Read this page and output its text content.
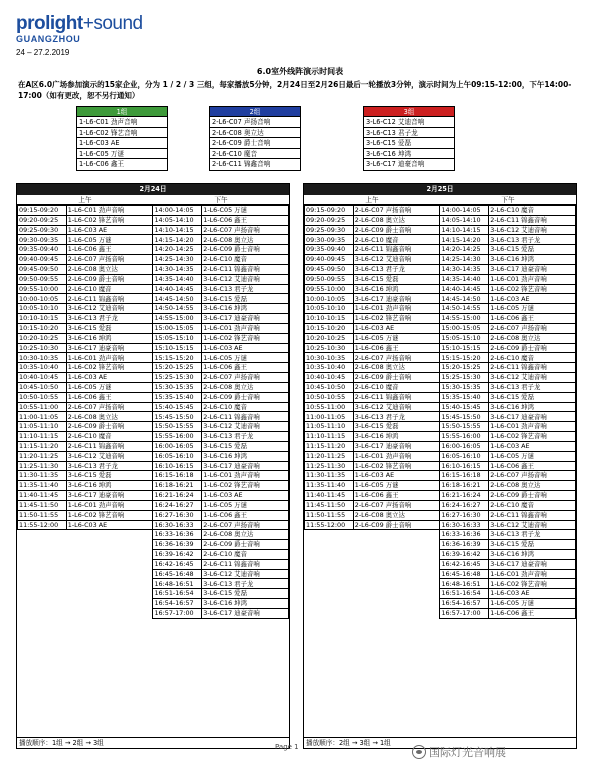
prolight+sound
GUANGZHOU
24 – 27.2.2019
6.0室外线阵演示时间表
在A区6.0广场参加演示的15家企业，分为 1 / 2 / 3 三组，每家播放5分钟，2月24日至2月26日最后一轮播放3分钟，演示时间为上午09:15-12:00，下午14:00-17:00（如有更改，恕不另行通知）
1组
1-L6-C01 劲声音响
1-L6-C02 锋艺音响
1-L6-C03 AE
1-L6-C05 万谜
1-L6-C06 鑫王
2组
2-L6-C07 声扬音响
2-L6-C08 奥立达
2-L6-C09 爵士音响
2-L6-C10 魔音
2-L6-C11 锦鑫音响
3组
3-L6-C12 艾迪音响
3-L6-C13 君子龙
3-L6-C15 爱磊
3-L6-C16 坤鸿
3-L6-C17 迪豪音响
2月24日
上午	下午
09:15-09:20	1-L6-C01 劲声音响	14:00-14:05	1-L6-C05 万谜
09:20-09:25	1-L6-C02 锋艺音响	14:05-14:10	1-L6-C06 鑫王
09:25-09:30	1-L6-C03 AE	14:10-14:15	2-L6-C07 声扬音响
09:30-09:35	1-L6-C05 万谜	14:15-14:20	2-L6-C08 奥立达
09:35-09:40	1-L6-C06 鑫王	14:20-14:25	2-L6-C09 爵士音响
09:40-09:45	2-L6-C07 声扬音响	14:25-14:30	2-L6-C10 魔音
09:45-09:50	2-L6-C08 奥立达	14:30-14:35	2-L6-C11 锦鑫音响
09:50-09:55	2-L6-C09 爵士音响	14:35-14:40	3-L6-C12 艾迪音响
09:55-10:00	2-L6-C10 魔音	14:40-14:45	3-L6-C13 君子龙
10:00-10:05	2-L6-C11 锦鑫音响	14:45-14:50	3-L6-C15 爱磊
10:05-10:10	3-L6-C12 艾迪音响	14:50-14:55	3-L6-C16 坤鸿
10:10-10:15	3-L6-C13 君子龙	14:55-15:00	3-L6-C17 迪豪音响
10:15-10:20	3-L6-C15 爱磊	15:00-15:05	1-L6-C01 劲声音响
10:20-10:25	3-L6-C16 坤鸿	15:05-15:10	1-L6-C02 锋艺音响
10:25-10:30	3-L6-C17 迪豪音响	15:10-15:15	1-L6-C03 AE
10:30-10:35	1-L6-C01 劲声音响	15:15-15:20	1-L6-C05 万谜
10:35-10:40	1-L6-C02 锋艺音响	15:20-15:25	1-L6-C06 鑫王
10:40-10:45	1-L6-C03 AE	15:25-15:30	2-L6-C07 声扬音响
10:45-10:50	1-L6-C05 万谜	15:30-15:35	2-L6-C08 奥立达
10:50-10:55	1-L6-C06 鑫王	15:35-15:40	2-L6-C09 爵士音响
10:55-11:00	2-L6-C07 声扬音响	15:40-15:45	2-L6-C10 魔音
11:00-11:05	2-L6-C08 奥立达	15:45-15:50	2-L6-C11 锦鑫音响
11:05-11:10	2-L6-C09 爵士音响	15:50-15:55	3-L6-C12 艾迪音响
11:10-11:15	2-L6-C10 魔音	15:55-16:00	3-L6-C13 君子龙
11:15-11:20	2-L6-C11 锦鑫音响	16:00-16:05	3-L6-C15 爱磊
11:20-11:25	3-L6-C12 艾迪音响	16:05-16:10	3-L6-C16 坤鸿
11:25-11:30	3-L6-C13 君子龙	16:10-16:15	3-L6-C17 迪豪音响
11:30-11:35	3-L6-C15 爱磊	16:15-16:18	1-L6-C01 劲声音响
11:35-11:40	3-L6-C16 坤鸿	16:18-16:21	1-L6-C02 锋艺音响
11:40-11:45	3-L6-C17 迪豪音响	16:21-16:24	1-L6-C03 AE
11:45-11:50	1-L6-C01 劲声音响	16:24-16:27	1-L6-C05 万谜
11:50-11:55	1-L6-C02 锋艺音响	16:27-16:30	1-L6-C06 鑫王
11:55-12:00	1-L6-C03 AE	16:30-16:33	2-L6-C07 声扬音响
		16:33-16:36	2-L6-C08 奥立达
		16:36-16:39	2-L6-C09 爵士音响
		16:39-16:42	2-L6-C10 魔音
		16:42-16:45	2-L6-C11 锦鑫音响
		16:45-16:48	3-L6-C12 艾迪音响
		16:48-16:51	3-L6-C13 君子龙
		16:51-16:54	3-L6-C15 爱磊
		16:54-16:57	3-L6-C16 坤鸿
		16:57-17:00	3-L6-C17 迪豪音响
播放顺序：1组 → 2组 → 3组
2月25日
上午	下午
09:15-09:20	2-L6-C07 声扬音响	14:00-14:05	2-L6-C10 魔音
09:20-09:25	2-L6-C08 奥立达	14:05-14:10	2-L6-C11 锦鑫音响
09:25-09:30	2-L6-C09 爵士音响	14:10-14:15	3-L6-C12 艾迪音响
09:30-09:35	2-L6-C10 魔音	14:15-14:20	3-L6-C13 君子龙
09:35-09:40	2-L6-C11 锦鑫音响	14:20-14:25	3-L6-C15 爱磊
09:40-09:45	3-L6-C12 艾迪音响	14:25-14:30	3-L6-C16 坤鸿
09:45-09:50	3-L6-C13 君子龙	14:30-14:35	3-L6-C17 迪豪音响
09:50-09:55	3-L6-C15 爱磊	14:35-14:40	1-L6-C01 劲声音响
09:55-10:00	3-L6-C16 坤鸿	14:40-14:45	1-L6-C02 锋艺音响
10:00-10:05	3-L6-C17 迪豪音响	14:45-14:50	1-L6-C03 AE
10:05-10:10	1-L6-C01 劲声音响	14:50-14:55	1-L6-C05 万谜
10:10-10:15	1-L6-C02 锋艺音响	14:55-15:00	1-L6-C06 鑫王
10:15-10:20	1-L6-C03 AE	15:00-15:05	2-L6-C07 声扬音响
10:20-10:25	1-L6-C05 万谜	15:05-15:10	2-L6-C08 奥立达
10:25-10:30	1-L6-C06 鑫王	15:10-15:15	2-L6-C09 爵士音响
10:30-10:35	2-L6-C07 声扬音响	15:15-15:20	2-L6-C10 魔音
10:35-10:40	2-L6-C08 奥立达	15:20-15:25	2-L6-C11 锦鑫音响
10:40-10:45	2-L6-C09 爵士音响	15:25-15:30	3-L6-C12 艾迪音响
10:45-10:50	2-L6-C10 魔音	15:30-15:35	3-L6-C13 君子龙
10:50-10:55	2-L6-C11 锦鑫音响	15:35-15:40	3-L6-C15 爱磊
10:55-11:00	3-L6-C12 艾迪音响	15:40-15:45	3-L6-C16 坤鸿
11:00-11:05	3-L6-C13 君子龙	15:45-15:50	3-L6-C17 迪豪音响
11:05-11:10	3-L6-C15 爱磊	15:50-15:55	1-L6-C01 劲声音响
11:10-11:15	3-L6-C16 坤鸿	15:55-16:00	1-L6-C02 锋艺音响
11:15-11:20	3-L6-C17 迪豪音响	16:00-16:05	1-L6-C03 AE
11:20-11:25	1-L6-C01 劲声音响	16:05-16:10	1-L6-C05 万谜
11:25-11:30	1-L6-C02 锋艺音响	16:10-16:15	1-L6-C06 鑫王
11:30-11:35	1-L6-C03 AE	16:15-16:18	2-L6-C07 声扬音响
11:35-11:40	1-L6-C05 万谜	16:18-16:21	2-L6-C08 奥立达
11:40-11:45	1-L6-C06 鑫王	16:21-16:24	2-L6-C09 爵士音响
11:45-11:50	2-L6-C07 声扬音响	16:24-16:27	2-L6-C10 魔音
11:50-11:55	2-L6-C08 奥立达	16:27-16:30	2-L6-C11 锦鑫音响
11:55-12:00	2-L6-C09 爵士音响	16:30-16:33	3-L6-C12 艾迪音响
		16:33-16:36	3-L6-C13 君子龙
		16:36-16:39	3-L6-C15 爱磊
		16:39-16:42	3-L6-C16 坤鸿
		16:42-16:45	3-L6-C17 迪豪音响
		16:45-16:48	1-L6-C01 劲声音响
		16:48-16:51	1-L6-C02 锋艺音响
		16:51-16:54	1-L6-C03 AE
		16:54-16:57	1-L6-C05 万谜
		16:57-17:00	1-L6-C06 鑫王
播放顺序：2组 → 3组 → 1组
Page 1	国际灯光音响展
